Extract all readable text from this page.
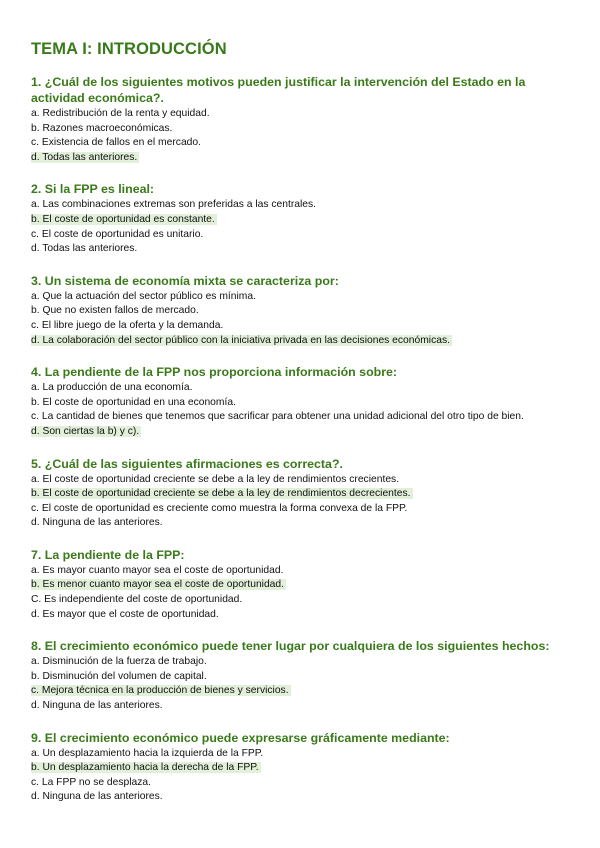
TEMA I: INTRODUCCIÓN
1. ¿Cuál de los siguientes motivos pueden justificar la intervención del Estado en la actividad económica?.
a. Redistribución de la renta y equidad.
b. Razones macroeconómicas.
c. Existencia de fallos en el mercado.
d. Todas las anteriores.
2. Si la FPP es lineal:
a. Las combinaciones extremas son preferidas a las centrales.
b. El coste de oportunidad es constante.
c. El coste de oportunidad es unitario.
d. Todas las anteriores.
3. Un sistema de economía mixta se caracteriza por:
a. Que la actuación del sector público es mínima.
b. Que no existen fallos de mercado.
c. El libre juego de la oferta y la demanda.
d. La colaboración del sector público con la iniciativa privada en las decisiones económicas.
4. La pendiente de la FPP nos proporciona información sobre:
a. La producción de una economía.
b. El coste de oportunidad en una economía.
c. La cantidad de bienes que tenemos que sacrificar para obtener una unidad adicional del otro tipo de bien.
d. Son ciertas la b) y c).
5. ¿Cuál de las siguientes afirmaciones es correcta?.
a. El coste de oportunidad creciente se debe a la ley de rendimientos crecientes.
b. El coste de oportunidad creciente se debe a la ley de rendimientos decrecientes.
c. El coste de oportunidad es creciente como muestra la forma convexa de la FPP.
d. Ninguna de las anteriores.
7. La pendiente de la FPP:
a. Es mayor cuanto mayor sea el coste de oportunidad.
b. Es menor cuanto mayor sea el coste de oportunidad.
C. Es independiente del coste de oportunidad.
d. Es mayor que el coste de oportunidad.
8. El crecimiento económico puede tener lugar por cualquiera de los siguientes hechos:
a. Disminución de la fuerza de trabajo.
b. Disminución del volumen de capital.
c. Mejora técnica en la producción de bienes y servicios.
d. Ninguna de las anteriores.
9. El crecimiento económico puede expresarse gráficamente mediante:
a. Un desplazamiento hacia la izquierda de la FPP.
b. Un desplazamiento hacia la derecha de la FPP.
c. La FPP no se desplaza.
d. Ninguna de las anteriores.
